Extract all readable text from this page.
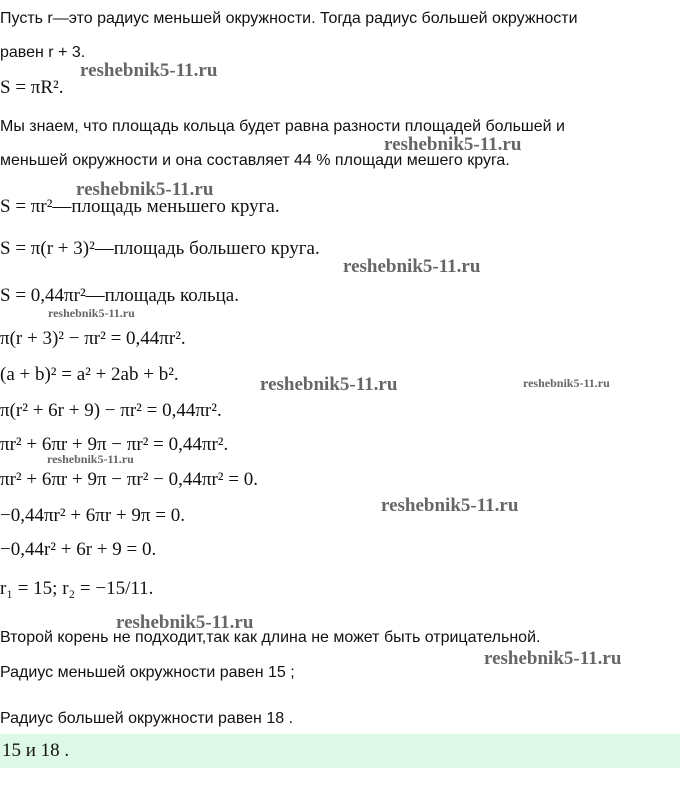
Пусть r—это радиус меньшей окружности. Тогда радиус большей окружности
равен r + 3.
S = πR².
Мы знаем, что площадь кольца будет равна разности площадей большей и
меньшей окружности и она составляет 44 % площади мешего круга.
S = πr²—площадь меньшего круга.
S = π(r + 3)²—площадь большего круга.
S = 0,44πr²—площадь кольца.
π(r + 3)² − πr² = 0,44πr².
(a + b)² = a² + 2ab + b².
π(r² + 6r + 9) − πr² = 0,44πr².
πr² + 6πr + 9π − πr² = 0,44πr².
πr² + 6πr + 9π − πr² − 0,44πr² = 0.
−0,44πr² + 6πr + 9π = 0.
−0,44r² + 6r + 9 = 0.
r₁ = 15; r₂ = −15/11.
Второй корень не подходит,так как длина не может быть отрицательной.
Радиус меньшей окружности равен 15 ;
Радиус большей окружности равен 18 .
15 и 18 .
reshebnik5-11.ru
reshebnik5-11.ru
reshebnik5-11.ru
reshebnik5-11.ru
reshebnik5-11.ru
reshebnik5-11.ru	reshebnik5-11.ru
reshebnik5-11.ru
reshebnik5-11.ru
reshebnik5-11.ru
reshebnik5-11.ru
